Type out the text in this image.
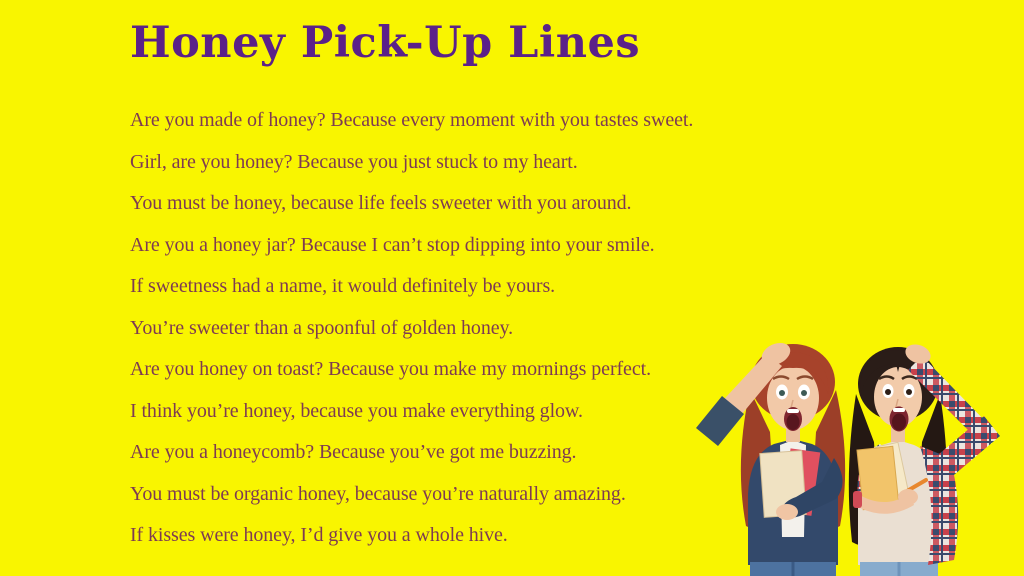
Honey Pick-Up Lines

Are you made of honey? Because every moment with you tastes sweet.

Girl, are you honey? Because you just stuck to my heart.

You must be honey, because life feels sweeter with you around.

Are you a honey jar? Because I can’t stop dipping into your smile.

If sweetness had a name, it would definitely be yours.

You’re sweeter than a spoonful of golden honey.

Are you honey on toast? Because you make my mornings perfect.

I think you’re honey, because you make everything glow.

Are you a honeycomb? Because you’ve got me buzzing.

You must be organic honey, because you’re naturally amazing.

If kisses were honey, I’d give you a whole hive.
